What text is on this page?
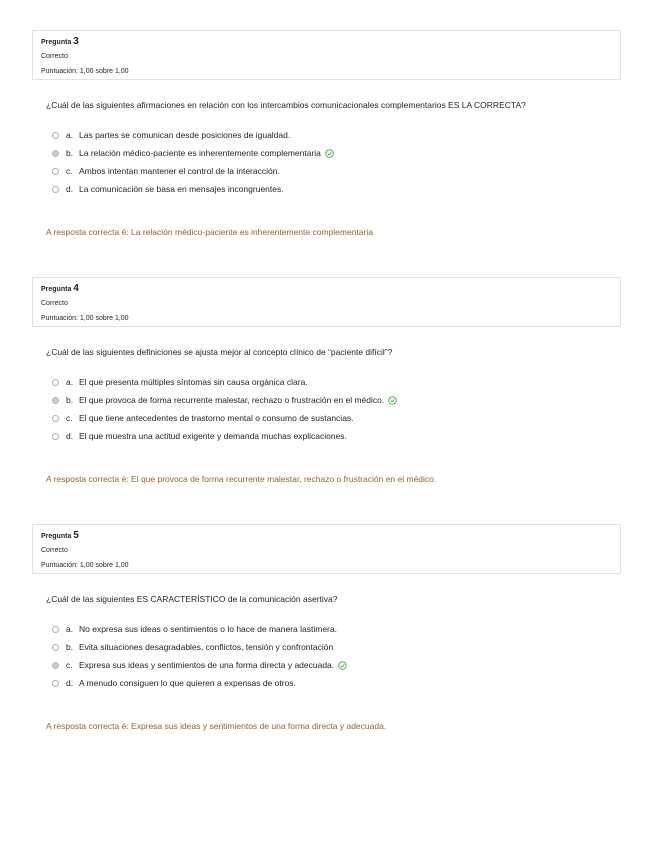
Pregunta 3
Correcto
Puntuación: 1,00 sobre 1,00
¿Cuál de las siguientes afirmaciones en relación con los intercambios comunicacionales complementarios ES LA CORRECTA?
a. Las partes se comunican desde posiciones de igualdad.
b. La relación médico-paciente es inherentemente complementaria
c. Ambos intentan mantener el control de la interacción.
d. La comunicación se basa en mensajes incongruentes.
A resposta correcta é: La relación médico-paciente es inherentemente complementaria
Pregunta 4
Correcto
Puntuación: 1,00 sobre 1,00
¿Cuál de las siguientes definiciones se ajusta mejor al concepto clínico de “paciente difícil”?
a. El que presenta múltiples síntomas sin causa orgánica clara.
b. El que provoca de forma recurrente malestar, rechazo o frustración en el médico.
c. El que tiene antecedentes de trastorno mental o consumo de sustancias.
d. El que muestra una actitud exigente y demanda muchas explicaciones.
A resposta correcta é: El que provoca de forma recurrente malestar, rechazo o frustración en el médico.
Pregunta 5
Correcto
Puntuación: 1,00 sobre 1,00
¿Cuál de las siguientes ES CARACTERÍSTICO de la comunicación asertiva?
a. No expresa sus ideas o sentimientos o lo hace de manera lastimera.
b. Evita situaciones desagradables, conflictos, tensión y confrontación
c. Expresa sus ideas y sentimientos de una forma directa y adecuada.
d. A menudo consiguen lo que quieren a expensas de otros.
A resposta correcta é: Expresa sus ideas y sentimientos de una forma directa y adecuada.
